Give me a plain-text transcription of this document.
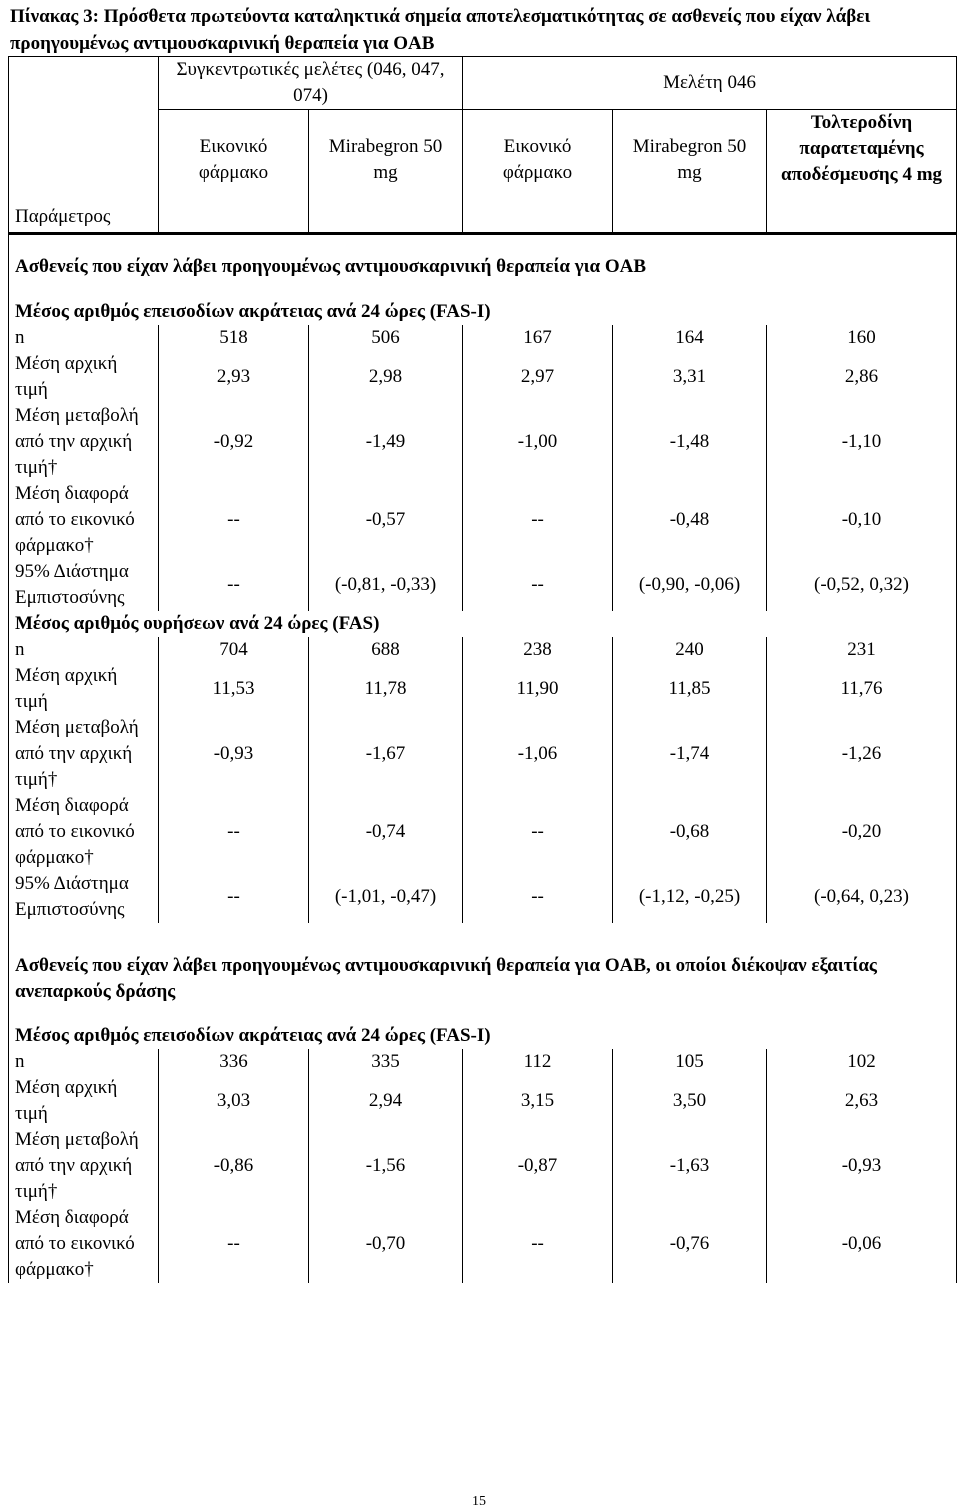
Πίνακας 3: Πρόσθετα πρωτεύοντα καταληκτικά σημεία αποτελεσματικότητας σε ασθενείς που είχαν λάβει προηγουμένως αντιμουσκαρινική θεραπεία για OAB
Παράμετρος	Συγκεντρωτικές μελέτες (046, 047, 074)		Μελέτη 046		
	Εικονικό φάρμακο	Mirabegron 50 mg	Εικονικό φάρμακο	Mirabegron 50 mg	Τολτεροδίνη παρατεταμένης αποδέσμευσης 4 mg

Ασθενείς που είχαν λάβει προηγουμένως αντιμουσκαρινική θεραπεία για OAB					

Μέσος αριθμός επεισοδίων ακράτειας ανά 24 ώρες (FAS-I)					
n	518	506	167	164	160
Μέση αρχική τιμή	2,93	2,98	2,97	3,31	2,86
Μέση μεταβολή από την αρχική τιμή†	-0,92	-1,49	-1,00	-1,48	-1,10
Μέση διαφορά από το εικονικό φάρμακο†	--	-0,57	--	-0,48	-0,10
95% Διάστημα Εμπιστοσύνης	--	(-0,81, -0,33)	--	(-0,90, -0,06)	(-0,52, 0,32)
Μέσος αριθμός ουρήσεων ανά 24 ώρες (FAS)					
n	704	688	238	240	231
Μέση αρχική τιμή	11,53	11,78	11,90	11,85	11,76
Μέση μεταβολή από την αρχική τιμή†	-0,93	-1,67	-1,06	-1,74	-1,26
Μέση διαφορά από το εικονικό φάρμακο†	--	-0,74	--	-0,68	-0,20
95% Διάστημα Εμπιστοσύνης	--	(-1,01, -0,47)	--	(-1,12, -0,25)	(-0,64, 0,23)

Ασθενείς που είχαν λάβει προηγουμένως αντιμουσκαρινική θεραπεία για OAB, οι οποίοι διέκοψαν εξαιτίας ανεπαρκούς δράσης					

Μέσος αριθμός επεισοδίων ακράτειας ανά 24 ώρες (FAS-I)					
n	336	335	112	105	102
Μέση αρχική τιμή	3,03	2,94	3,15	3,50	2,63
Μέση μεταβολή από την αρχική τιμή†	-0,86	-1,56	-0,87	-1,63	-0,93
Μέση διαφορά από το εικονικό φάρμακο†	--	-0,70	--	-0,76	-0,06
15
